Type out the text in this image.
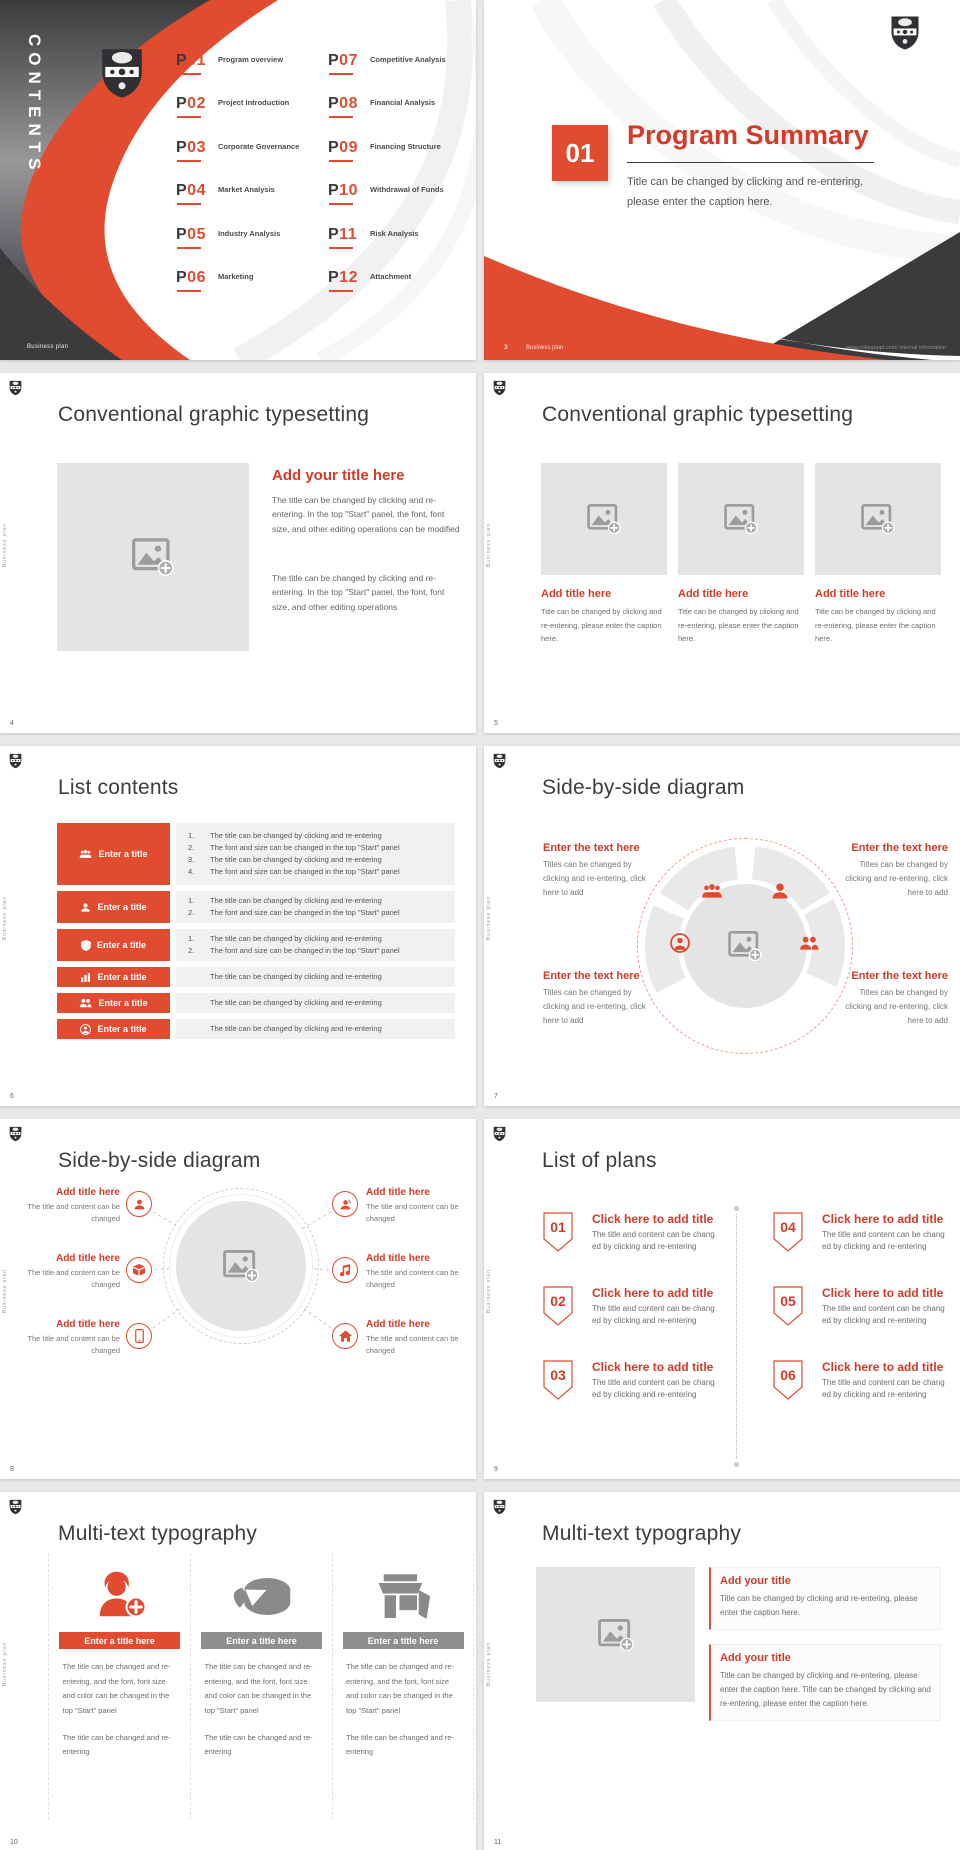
CONTENTS	P01 Program overview
P02 Project Introduction
P03 Corporate Governance
P04 Market Analysis
P05 Industry Analysis
P06 Marketing
P07 Competitive Analysis
P08 Financial Analysis
P09 Financing Structure
P10 Withdrawal of Funds
P11 Risk Analysis
P12 Attachment
Business plan
01
Program Summary
Title can be changed by clicking and re-entering, please enter the caption here.
3	Business plan	www.collegeppt.com/ internal information
Business plan
Conventional graphic typesetting
Add your title here
The title can be changed by clicking and re-entering. In the top "Start" panel, the font, font size, and other editing operations can be modified
The title can be changed by clicking and re-entering. In the top "Start" panel, the font, font size, and other editing operations
4
Business plan
Conventional graphic typesetting
Add title here
Title can be changed by clicking and re-entering, please enter the caption here.
Add title here
Title can be changed by clicking and re-entering, please enter the caption here.
Add title here
Title can be changed by clicking and re-entering, please enter the caption here.
5
Business plan
List contents
Enter a title
1.	The title can be changed by clicking and re-entering
2.	The font and size can be changed in the top "Start" panel
3.	The title can be changed by clicking and re-entering
4.	The font and size can be changed in the top "Start" panel
Enter a title
1.	The title can be changed by clicking and re-entering
2.	The font and size can be changed in the top "Start" panel
Enter a title
1.	The title can be changed by clicking and re-entering
2.	The font and size can be changed in the top "Start" panel
Enter a title	The title can be changed by clicking and re-entering
Enter a title	The title can be changed by clicking and re-entering
Enter a title	The title can be changed by clicking and re-entering
6
Business plan
Side-by-side diagram
Enter the text here
Titles can be changed by clicking and re-entering, click here to add
Enter the text here
Titles can be changed by clicking and re-entering, click here to add
Enter the text here
Titles can be changed by clicking and re-entering, click here to add
Enter the text here
Titles can be changed by clicking and re-entering, click here to add
7
Business plan
Side-by-side diagram
Add title here
The title and content can be changed
Add title here
The title and content can be changed
Add title here
The title and content can be changed
Add title here
The title and content can be changed
Add title here
The title and content can be changed
Add title here
The title and content can be changed
8
Business plan
List of plans
01	Click here to add title
The title and content can be chang
ed by clicking and re-entering
02	Click here to add title
The title and content can be chang
ed by clicking and re-entering
03	Click here to add title
The title and content can be chang
ed by clicking and re-entering
04	Click here to add title
The title and content can be chang
ed by clicking and re-entering
05	Click here to add title
The title and content can be chang
ed by clicking and re-entering
06	Click here to add title
The title and content can be chang
ed by clicking and re-entering
9
Business plan
Multi-text typography
Enter a title here
The title can be changed and re-entering, and the font, font size and color can be changed in the top "Start" panel
The title can be changed and re-entering
Enter a title here
The title can be changed and re-entering, and the font, font size and color can be changed in the top "Start" panel
The title can be changed and re-entering
Enter a title here
The title can be changed and re-entering, and the font, font size and color can be changed in the top "Start" panel
The title can be changed and re-entering
10
Business plan
Multi-text typography
Add your title
Title can be changed by clicking and re-entering, please enter the caption here.
Add your title
Title can be changed by clicking and re-entering, please enter the caption here. Title can be changed by clicking and re-entering, please enter the caption here.
11
